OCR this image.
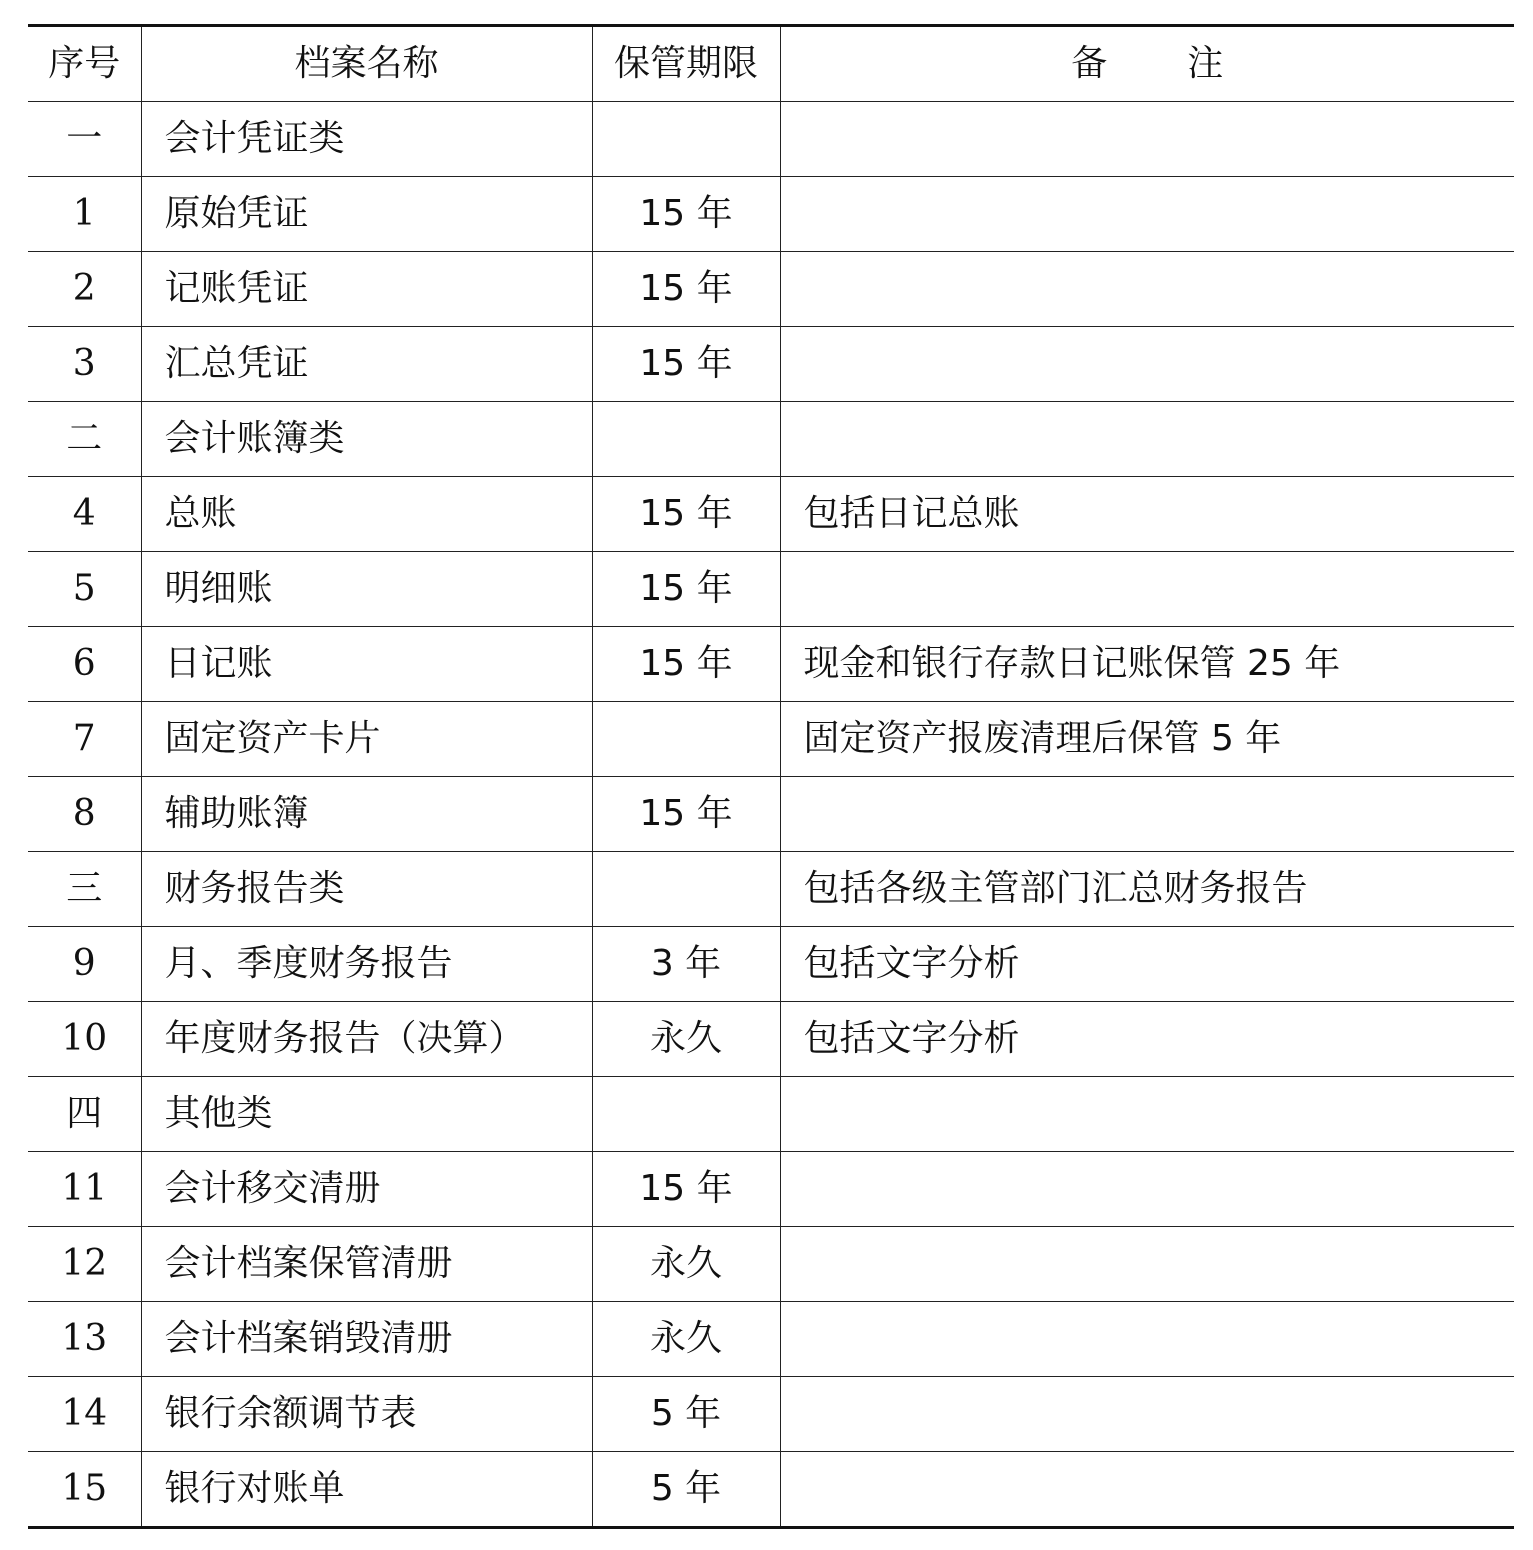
序号	档案名称	保管期限	备 注
一	会计凭证类		
1	原始凭证	15 年	
2	记账凭证	15 年	
3	汇总凭证	15 年	
二	会计账簿类		
4	总账	15 年	包括日记总账
5	明细账	15 年	
6	日记账	15 年	现金和银行存款日记账保管 25 年
7	固定资产卡片		固定资产报废清理后保管 5 年
8	辅助账簿	15 年	
三	财务报告类		包括各级主管部门汇总财务报告
9	月、季度财务报告	3 年	包括文字分析
10	年度财务报告（决算）	永久	包括文字分析
四	其他类		
11	会计移交清册	15 年	
12	会计档案保管清册	永久	
13	会计档案销毁清册	永久	
14	银行余额调节表	5 年	
15	银行对账单	5 年	
